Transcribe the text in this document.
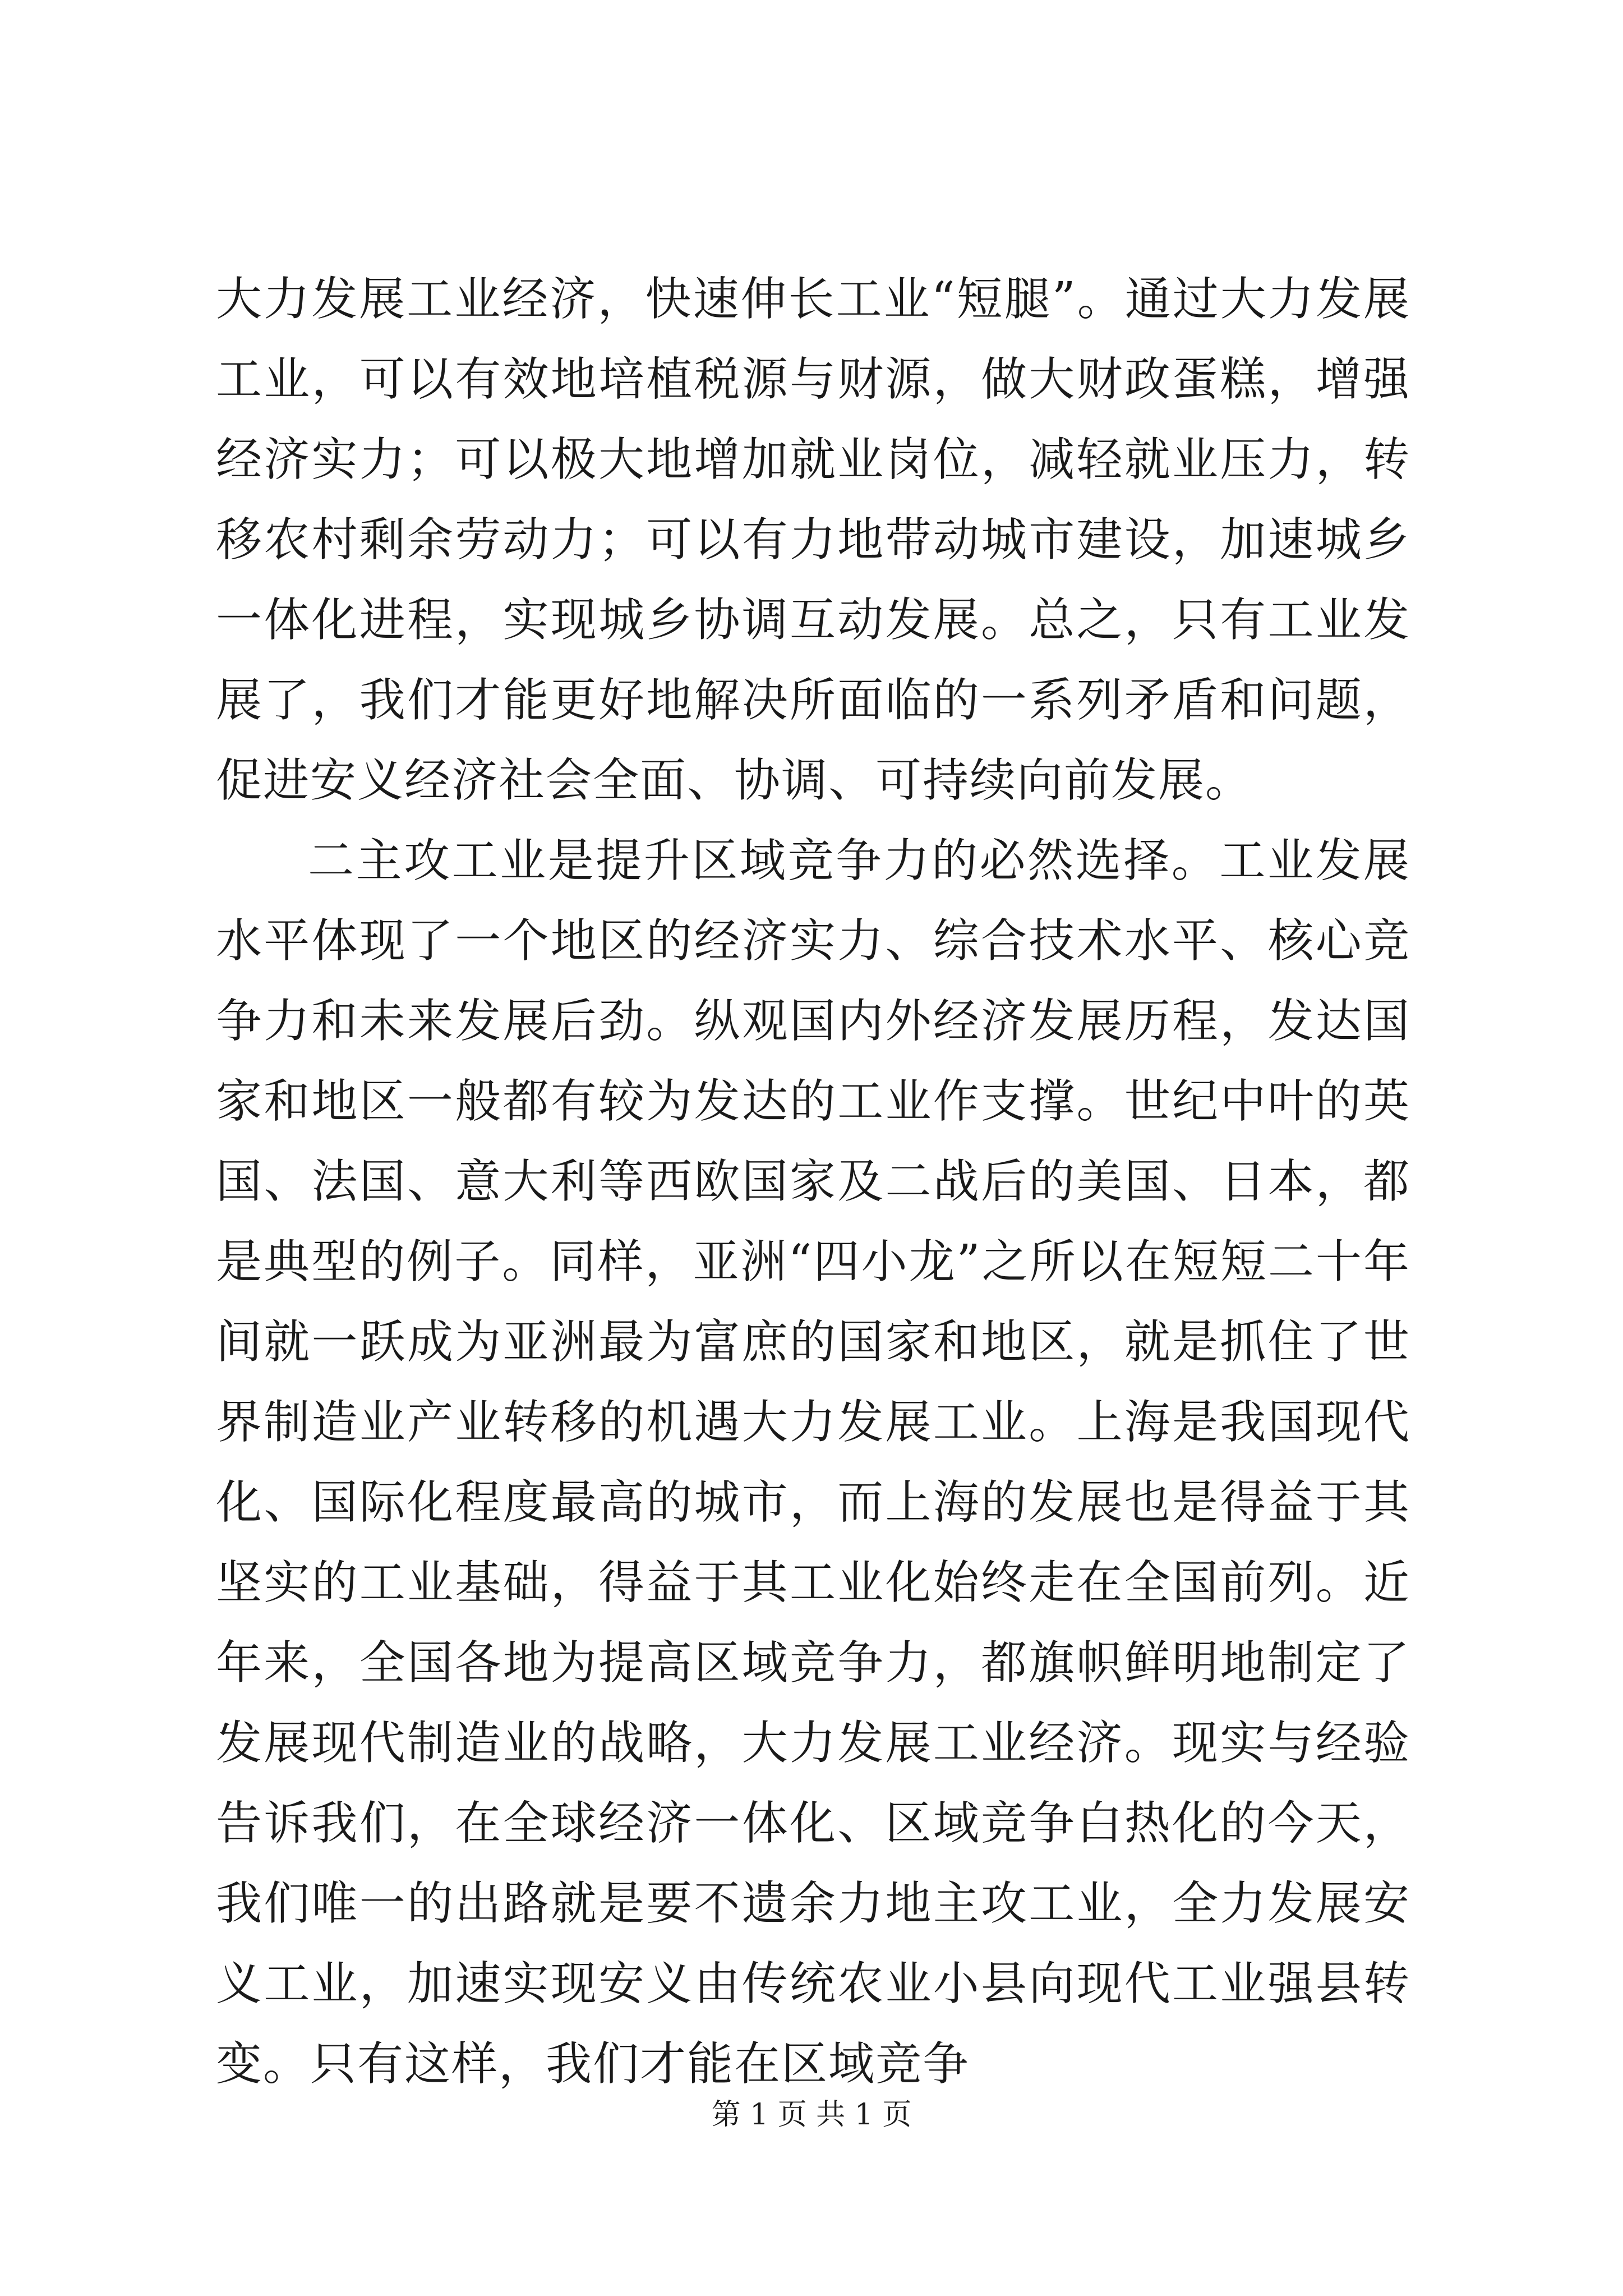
大力发展工业经济，快速伸长工业“短腿”。通过大力发展工业，可以有效地培植税源与财源，做大财政蛋糕，增强经济实力；可以极大地增加就业岗位，减轻就业压力，转移农村剩余劳动力；可以有力地带动城市建设，加速城乡一体化进程，实现城乡协调互动发展。总之，只有工业发展了，我们才能更好地解决所面临的一系列矛盾和问题，促进安义经济社会全面、协调、可持续向前发展。

二主攻工业是提升区域竞争力的必然选择。工业发展水平体现了一个地区的经济实力、综合技术水平、核心竞争力和未来发展后劲。纵观国内外经济发展历程，发达国家和地区一般都有较为发达的工业作支撑。世纪中叶的英国、法国、意大利等西欧国家及二战后的美国、日本，都是典型的例子。同样，亚洲“四小龙”之所以在短短二十年间就一跃成为亚洲最为富庶的国家和地区，就是抓住了世界制造业产业转移的机遇大力发展工业。上海是我国现代化、国际化程度最高的城市，而上海的发展也是得益于其坚实的工业基础，得益于其工业化始终走在全国前列。近年来，全国各地为提高区域竞争力，都旗帜鲜明地制定了发展现代制造业的战略，大力发展工业经济。现实与经验告诉我们，在全球经济一体化、区域竞争白热化的今天，我们唯一的出路就是要不遗余力地主攻工业，全力发展安义工业，加速实现安义由传统农业小县向现代工业强县转变。只有这样，我们才能在区域竞争

第 1 页 共 1 页
